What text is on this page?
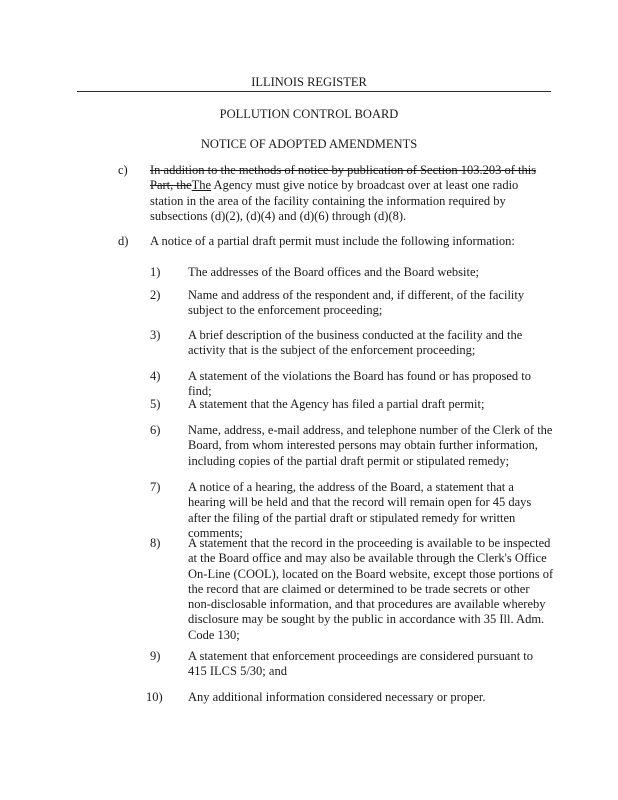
ILLINOIS REGISTER
POLLUTION CONTROL BOARD
NOTICE OF ADOPTED AMENDMENTS
c) In addition to the methods of notice by publication of Section 103.203 of this Part, theThe Agency must give notice by broadcast over at least one radio station in the area of the facility containing the information required by subsections (d)(2), (d)(4) and (d)(6) through (d)(8).
d) A notice of a partial draft permit must include the following information:
1) The addresses of the Board offices and the Board website;
2) Name and address of the respondent and, if different, of the facility subject to the enforcement proceeding;
3) A brief description of the business conducted at the facility and the activity that is the subject of the enforcement proceeding;
4) A statement of the violations the Board has found or has proposed to find;
5) A statement that the Agency has filed a partial draft permit;
6) Name, address, e-mail address, and telephone number of the Clerk of the Board, from whom interested persons may obtain further information, including copies of the partial draft permit or stipulated remedy;
7) A notice of a hearing, the address of the Board, a statement that a hearing will be held and that the record will remain open for 45 days after the filing of the partial draft or stipulated remedy for written comments;
8) A statement that the record in the proceeding is available to be inspected at the Board office and may also be available through the Clerk's Office On-Line (COOL), located on the Board website, except those portions of the record that are claimed or determined to be trade secrets or other non-disclosable information, and that procedures are available whereby disclosure may be sought by the public in accordance with 35 Ill. Adm. Code 130;
9) A statement that enforcement proceedings are considered pursuant to 415 ILCS 5/30; and
10) Any additional information considered necessary or proper.
